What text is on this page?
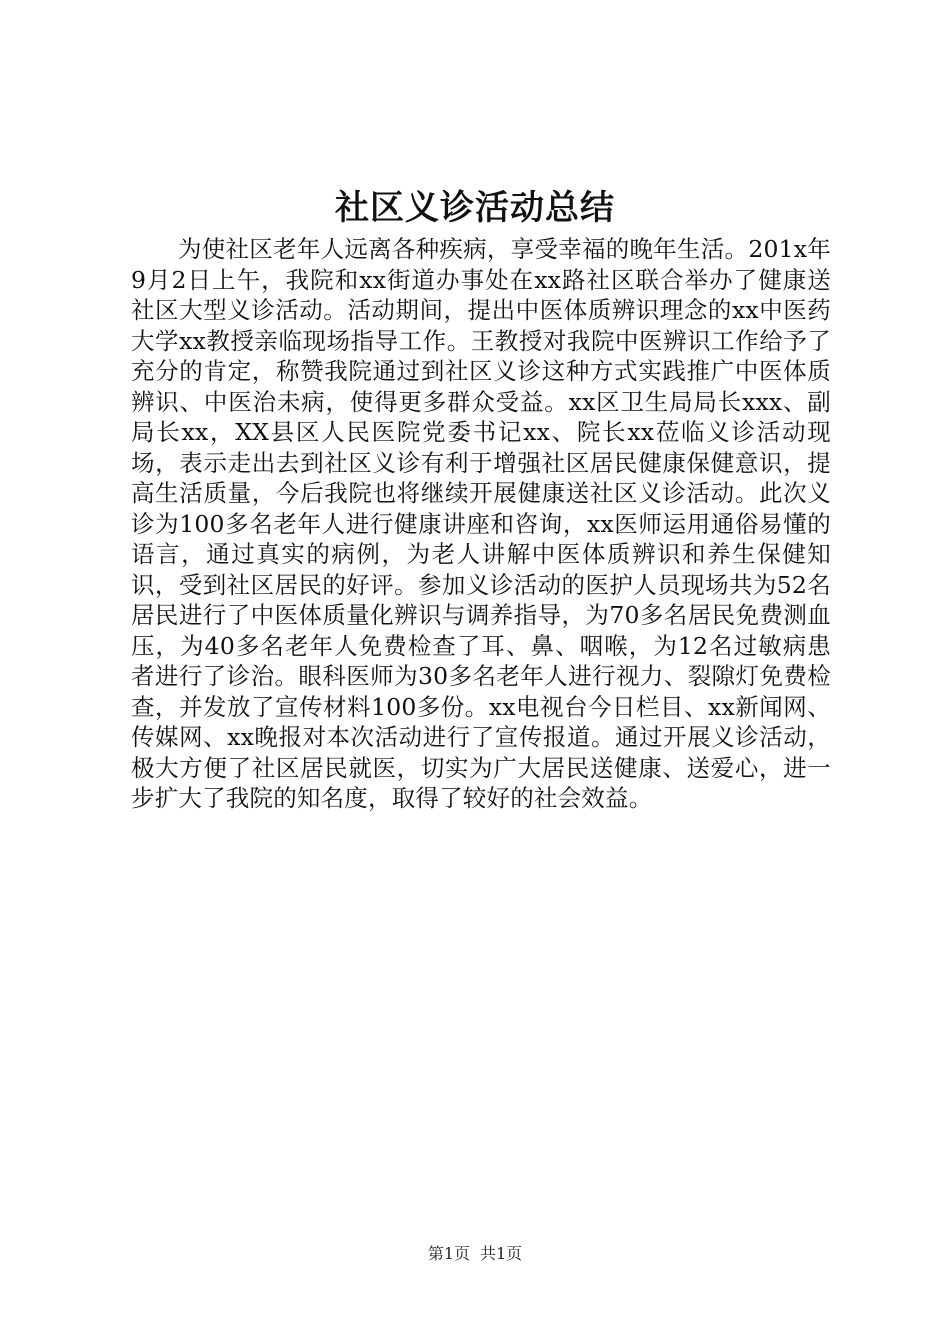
社区义诊活动总结

为使社区老年人远离各种疾病，享受幸福的晚年生活。201x年9月2日上午，我院和xx街道办事处在xx路社区联合举办了健康送社区大型义诊活动。活动期间，提出中医体质辨识理念的xx中医药大学xx教授亲临现场指导工作。王教授对我院中医辨识工作给予了充分的肯定，称赞我院通过到社区义诊这种方式实践推广中医体质辨识、中医治未病，使得更多群众受益。xx区卫生局局长xxx、副局长xx，XX县区人民医院党委书记xx、院长xx莅临义诊活动现场，表示走出去到社区义诊有利于增强社区居民健康保健意识，提高生活质量，今后我院也将继续开展健康送社区义诊活动。此次义诊为100多名老年人进行健康讲座和咨询，xx医师运用通俗易懂的语言，通过真实的病例，为老人讲解中医体质辨识和养生保健知识，受到社区居民的好评。参加义诊活动的医护人员现场共为52名居民进行了中医体质量化辨识与调养指导，为70多名居民免费测血压，为40多名老年人免费检查了耳、鼻、咽喉，为12名过敏病患者进行了诊治。眼科医师为30多名老年人进行视力、裂隙灯免费检查，并发放了宣传材料100多份。xx电视台今日栏目、xx新闻网、传媒网、xx晚报对本次活动进行了宣传报道。通过开展义诊活动，极大方便了社区居民就医，切实为广大居民送健康、送爱心，进一步扩大了我院的知名度，取得了较好的社会效益。

第1页 共1页
